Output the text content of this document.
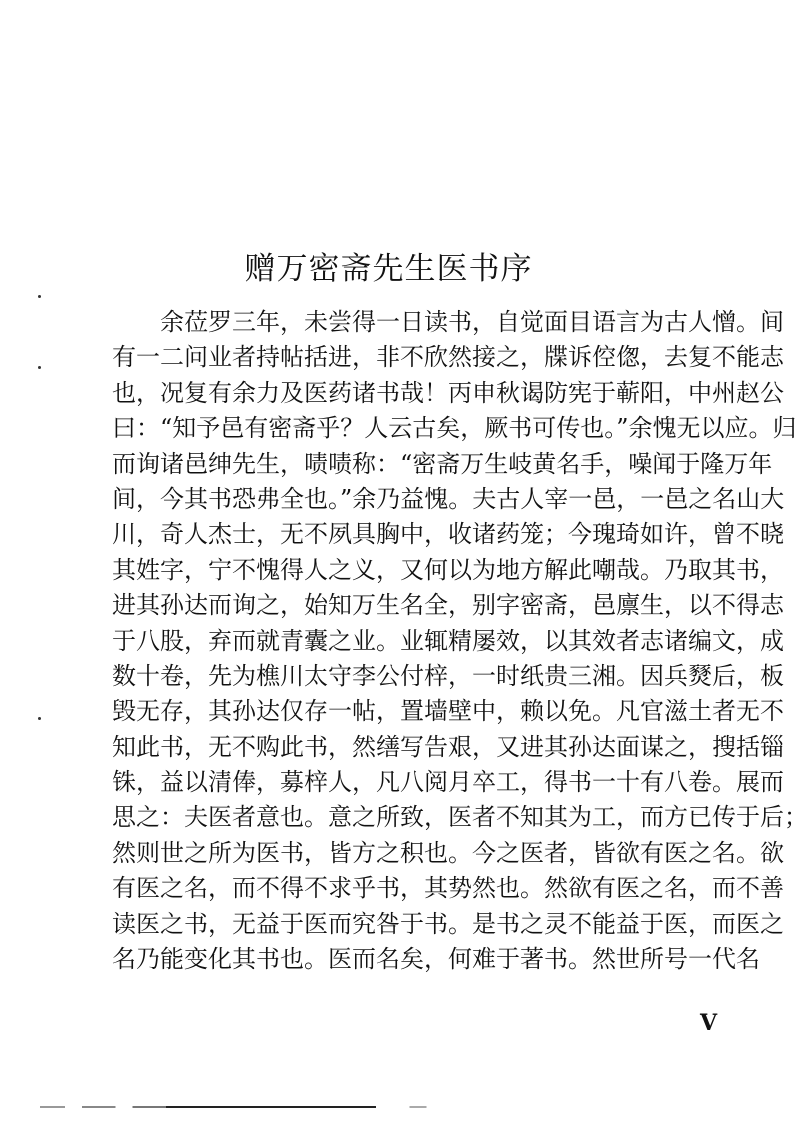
赠万密斋先生医书序
余莅罗三年，未尝得一日读书，自觉面目语言为古人憎。间
有一二问业者持帖括进，非不欣然接之，牒诉倥偬，去复不能志
也，况复有余力及医药诸书哉！丙申秋谒防宪于蕲阳，中州赵公
曰：“知予邑有密斋乎？人云古矣，厥书可传也。”余愧无以应。归
而询诸邑绅先生，啧啧称：“密斋万生岐黄名手，噪闻于隆万年
间，今其书恐弗全也。”余乃益愧。夫古人宰一邑，一邑之名山大
川，奇人杰士，无不夙具胸中，收诸药笼；今瑰琦如许，曾不晓
其姓字，宁不愧得人之义，又何以为地方解此嘲哉。乃取其书，
进其孙达而询之，始知万生名全，别字密斋，邑廪生，以不得志
于八股，弃而就青囊之业。业辄精屡效，以其效者志诸编文，成
数十卷，先为樵川太守李公付梓，一时纸贵三湘。因兵燹后，板
毁无存，其孙达仅存一帖，置墙壁中，赖以免。凡官滋土者无不
知此书，无不购此书，然缮写告艰，又进其孙达面谋之，搜括锱
铢，益以清俸，募梓人，凡八阅月卒工，得书一十有八卷。展而
思之：夫医者意也。意之所致，医者不知其为工，而方已传于后；
然则世之所为医书，皆方之积也。今之医者，皆欲有医之名。欲
有医之名，而不得不求乎书，其势然也。然欲有医之名，而不善
读医之书，无益于医而究咎于书。是书之灵不能益于医，而医之
名乃能变化其书也。医而名矣，何难于著书。然世所号一代名
V
